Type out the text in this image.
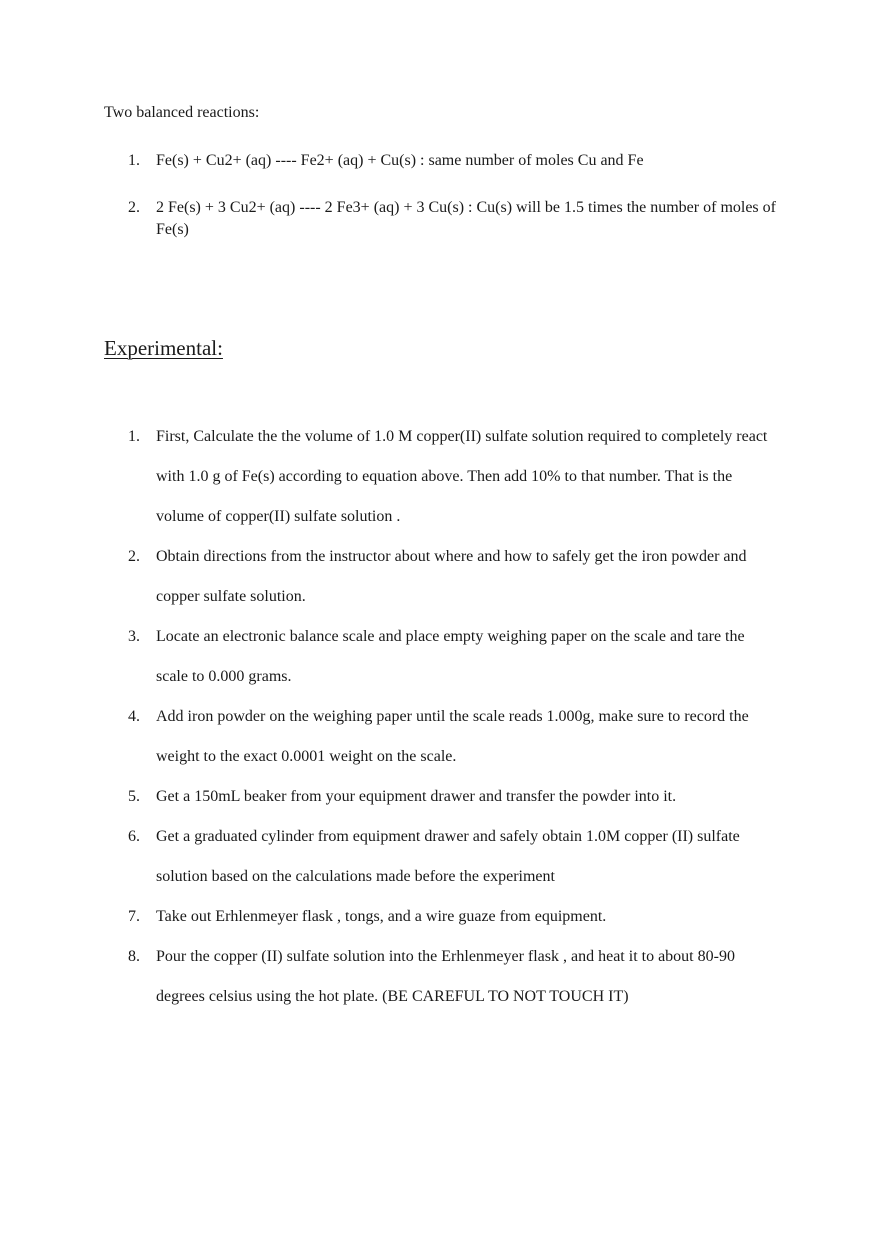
Two balanced reactions:
1. Fe(s) + Cu2+ (aq) ---- Fe2+ (aq) + Cu(s) : same number of moles Cu and Fe
2. 2 Fe(s) + 3 Cu2+ (aq) ---- 2 Fe3+ (aq) + 3 Cu(s) : Cu(s) will be 1.5 times the number of moles of Fe(s)
Experimental:
1. First, Calculate the the volume of 1.0 M copper(II) sulfate solution required to completely react with 1.0 g of Fe(s) according to equation above. Then add 10% to that number. That is the volume of copper(II) sulfate solution .
2. Obtain directions from the instructor about where and how to safely get the iron powder and copper sulfate solution.
3. Locate an electronic balance scale and place empty weighing paper on the scale and tare the scale to 0.000 grams.
4. Add iron powder on the weighing paper until the scale reads 1.000g, make sure to record the weight to the exact 0.0001 weight on the scale.
5. Get a 150mL beaker from your equipment drawer and transfer the powder into it.
6. Get a graduated cylinder from equipment drawer and safely obtain 1.0M copper (II) sulfate solution based on the calculations made before the experiment
7. Take out Erhlenmeyer flask , tongs, and a wire guaze from equipment.
8. Pour the copper (II) sulfate solution into the Erhlenmeyer flask , and heat it to about 80-90 degrees celsius using the hot plate. (BE CAREFUL TO NOT TOUCH IT)
